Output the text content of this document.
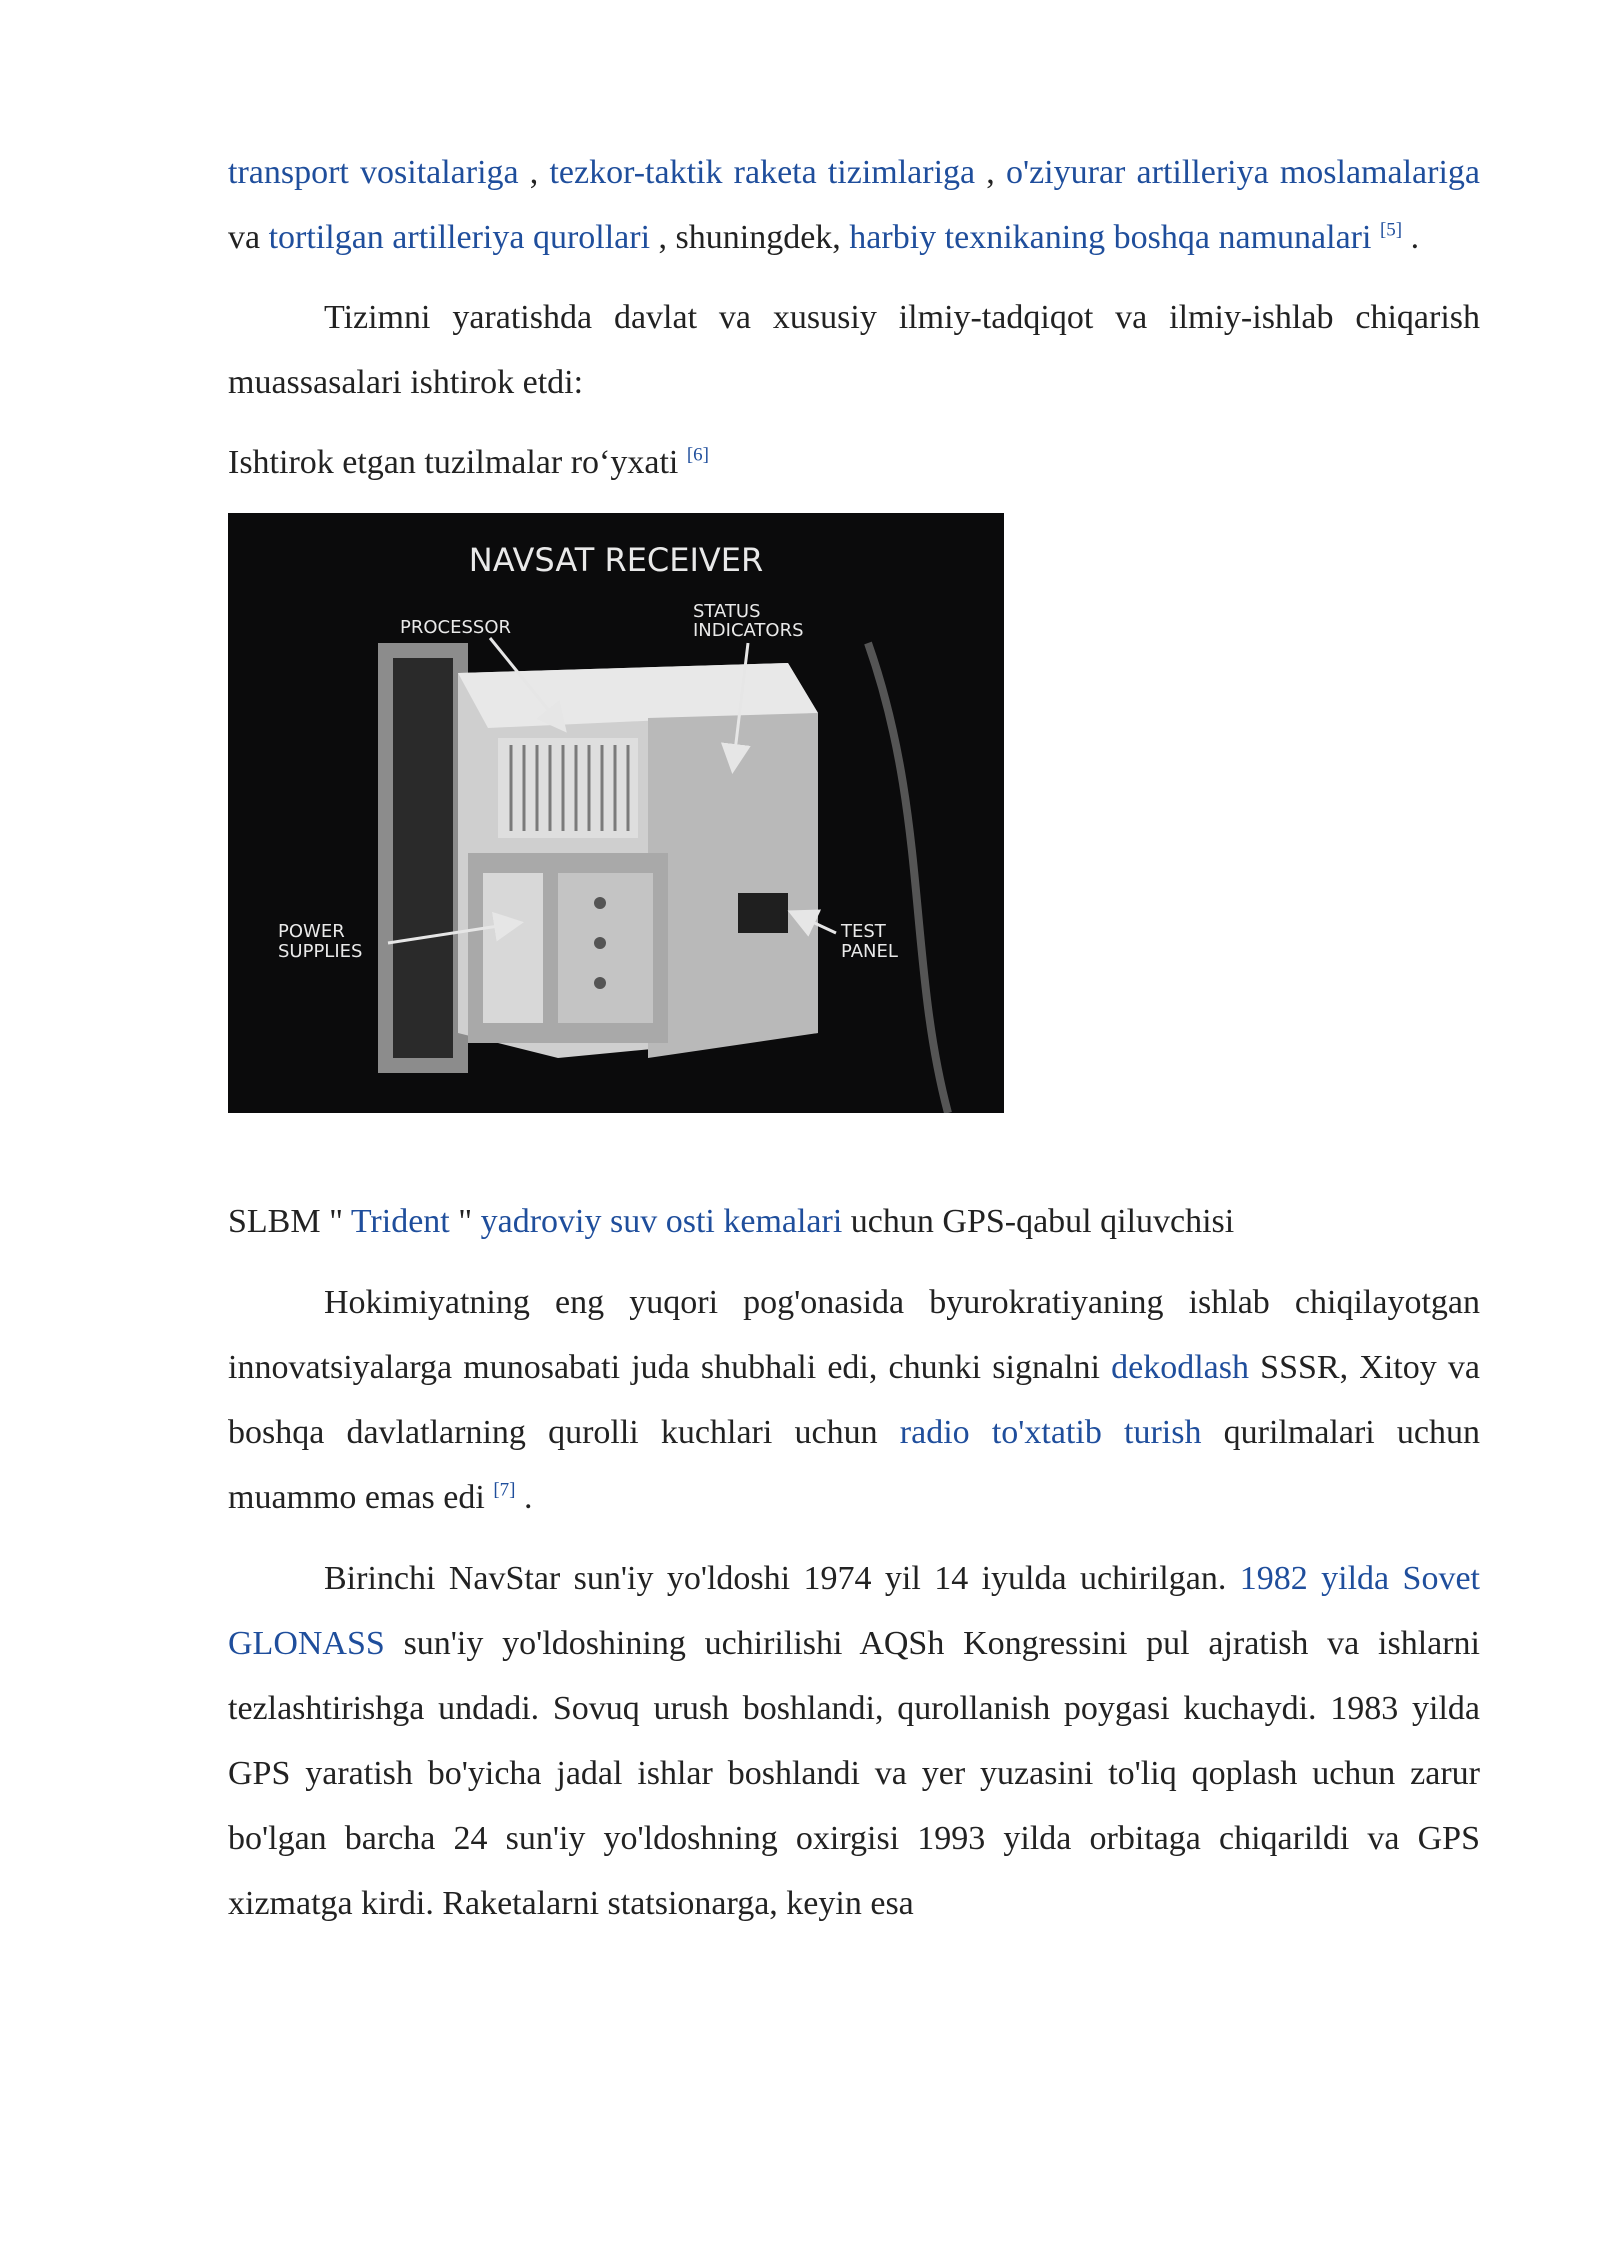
transport vositalariga , tezkor-taktik raketa tizimlariga , o'ziyurar artilleriya moslamalariga va tortilgan artilleriya qurollari , shuningdek, harbiy texnikaning boshqa namunalari [5] .

Tizimni yaratishda davlat va xususiy ilmiy-tadqiqot va ilmiy-ishlab chiqarish muassasalari ishtirok etdi:

Ishtirok etgan tuzilmalar ro‘yxati [6]

NAVSAT RECEIVER
PROCESSOR
STATUS
INDICATORS
POWER
SUPPLIES
TEST
PANEL

SLBM " Trident " yadroviy suv osti kemalari uchun GPS-qabul qiluvchisi

Hokimiyatning eng yuqori pog'onasida byurokratiyaning ishlab chiqilayotgan innovatsiyalarga munosabati juda shubhali edi, chunki signalni dekodlash SSSR, Xitoy va boshqa davlatlarning qurolli kuchlari uchun radio to'xtatib turish qurilmalari uchun muammo emas edi [7] .

Birinchi NavStar sun'iy yo'ldoshi 1974 yil 14 iyulda uchirilgan. 1982 yilda Sovet GLONASS sun'iy yo'ldoshining uchirilishi AQSh Kongressini pul ajratish va ishlarni tezlashtirishga undadi. Sovuq urush boshlandi, qurollanish poygasi kuchaydi. 1983 yilda GPS yaratish bo'yicha jadal ishlar boshlandi va yer yuzasini to'liq qoplash uchun zarur bo'lgan barcha 24 sun'iy yo'ldoshning oxirgisi 1993 yilda orbitaga chiqarildi va GPS xizmatga kirdi. Raketalarni statsionarga, keyin esa
